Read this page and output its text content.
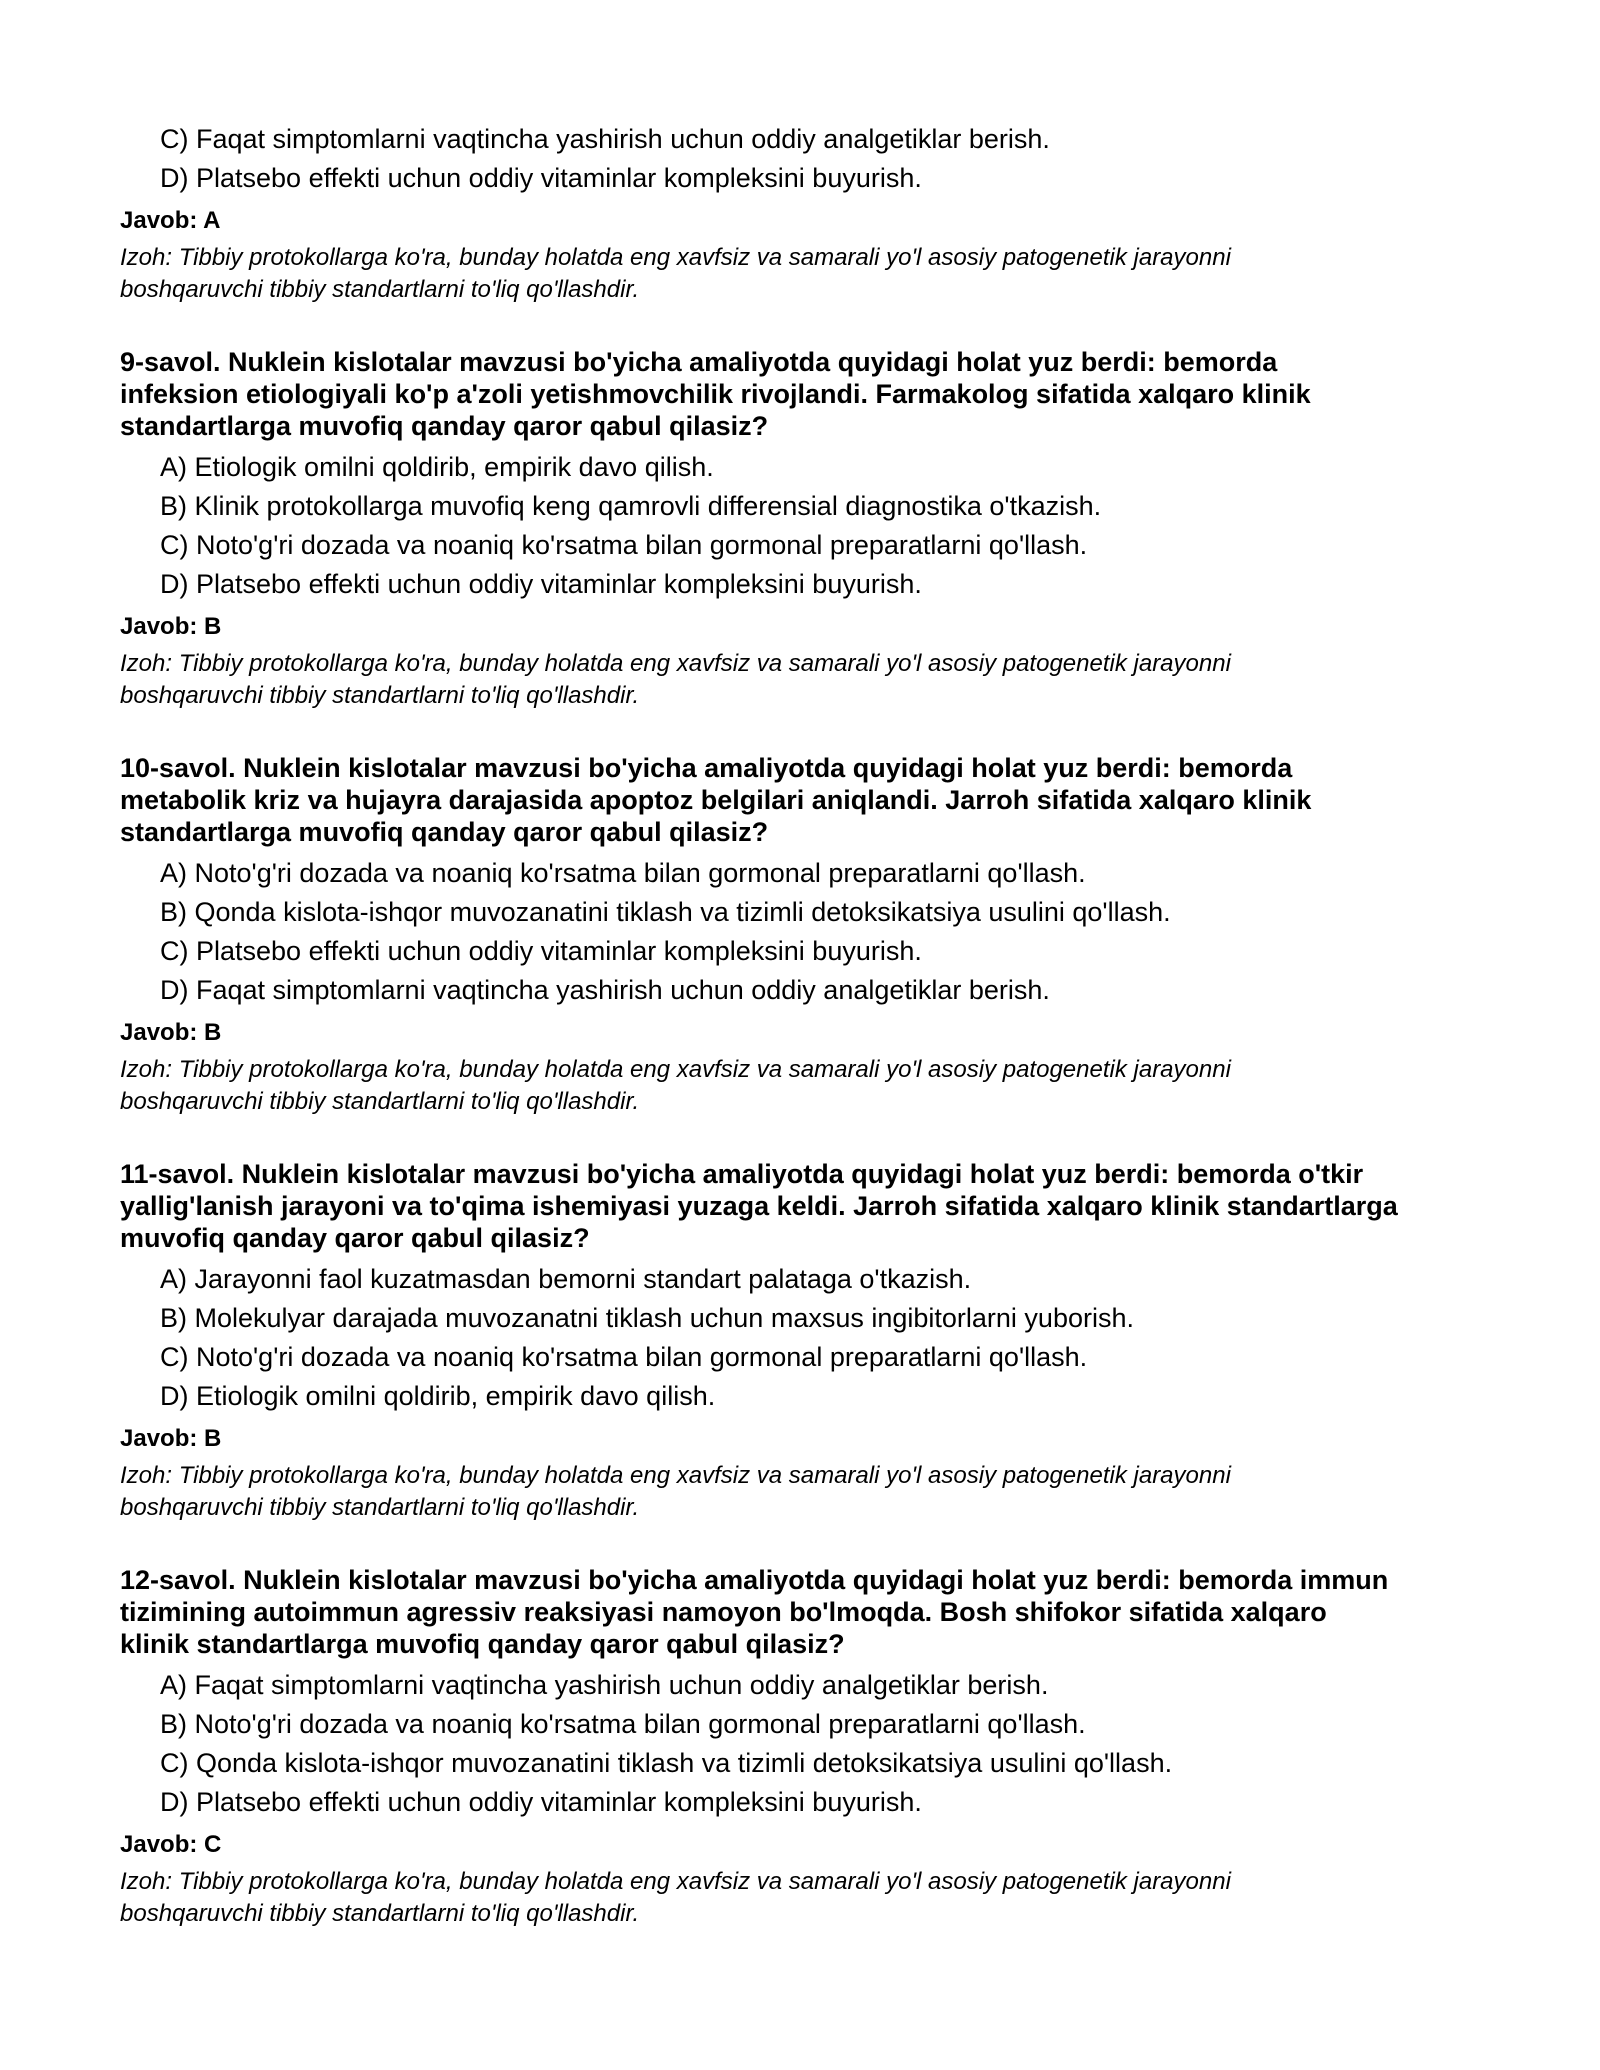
C) Faqat simptomlarni vaqtincha yashirish uchun oddiy analgetiklar berish.
D) Platsebo effekti uchun oddiy vitaminlar kompleksini buyurish.
Javob: A
Izoh: Tibbiy protokollarga ko'ra, bunday holatda eng xavfsiz va samarali yo'l asosiy patogenetik jarayonni
boshqaruvchi tibbiy standartlarni to'liq qo'llashdir.
9-savol. Nuklein kislotalar mavzusi bo'yicha amaliyotda quyidagi holat yuz berdi: bemorda
infeksion etiologiyali ko'p a'zoli yetishmovchilik rivojlandi. Farmakolog sifatida xalqaro klinik
standartlarga muvofiq qanday qaror qabul qilasiz?
A) Etiologik omilni qoldirib, empirik davo qilish.
B) Klinik protokollarga muvofiq keng qamrovli differensial diagnostika o'tkazish.
C) Noto'g'ri dozada va noaniq ko'rsatma bilan gormonal preparatlarni qo'llash.
D) Platsebo effekti uchun oddiy vitaminlar kompleksini buyurish.
Javob: B
Izoh: Tibbiy protokollarga ko'ra, bunday holatda eng xavfsiz va samarali yo'l asosiy patogenetik jarayonni
boshqaruvchi tibbiy standartlarni to'liq qo'llashdir.
10-savol. Nuklein kislotalar mavzusi bo'yicha amaliyotda quyidagi holat yuz berdi: bemorda
metabolik kriz va hujayra darajasida apoptoz belgilari aniqlandi. Jarroh sifatida xalqaro klinik
standartlarga muvofiq qanday qaror qabul qilasiz?
A) Noto'g'ri dozada va noaniq ko'rsatma bilan gormonal preparatlarni qo'llash.
B) Qonda kislota-ishqor muvozanatini tiklash va tizimli detoksikatsiya usulini qo'llash.
C) Platsebo effekti uchun oddiy vitaminlar kompleksini buyurish.
D) Faqat simptomlarni vaqtincha yashirish uchun oddiy analgetiklar berish.
Javob: B
Izoh: Tibbiy protokollarga ko'ra, bunday holatda eng xavfsiz va samarali yo'l asosiy patogenetik jarayonni
boshqaruvchi tibbiy standartlarni to'liq qo'llashdir.
11-savol. Nuklein kislotalar mavzusi bo'yicha amaliyotda quyidagi holat yuz berdi: bemorda o'tkir
yallig'lanish jarayoni va to'qima ishemiyasi yuzaga keldi. Jarroh sifatida xalqaro klinik standartlarga
muvofiq qanday qaror qabul qilasiz?
A) Jarayonni faol kuzatmasdan bemorni standart palataga o'tkazish.
B) Molekulyar darajada muvozanatni tiklash uchun maxsus ingibitorlarni yuborish.
C) Noto'g'ri dozada va noaniq ko'rsatma bilan gormonal preparatlarni qo'llash.
D) Etiologik omilni qoldirib, empirik davo qilish.
Javob: B
Izoh: Tibbiy protokollarga ko'ra, bunday holatda eng xavfsiz va samarali yo'l asosiy patogenetik jarayonni
boshqaruvchi tibbiy standartlarni to'liq qo'llashdir.
12-savol. Nuklein kislotalar mavzusi bo'yicha amaliyotda quyidagi holat yuz berdi: bemorda immun
tizimining autoimmun agressiv reaksiyasi namoyon bo'lmoqda. Bosh shifokor sifatida xalqaro
klinik standartlarga muvofiq qanday qaror qabul qilasiz?
A) Faqat simptomlarni vaqtincha yashirish uchun oddiy analgetiklar berish.
B) Noto'g'ri dozada va noaniq ko'rsatma bilan gormonal preparatlarni qo'llash.
C) Qonda kislota-ishqor muvozanatini tiklash va tizimli detoksikatsiya usulini qo'llash.
D) Platsebo effekti uchun oddiy vitaminlar kompleksini buyurish.
Javob: C
Izoh: Tibbiy protokollarga ko'ra, bunday holatda eng xavfsiz va samarali yo'l asosiy patogenetik jarayonni
boshqaruvchi tibbiy standartlarni to'liq qo'llashdir.
